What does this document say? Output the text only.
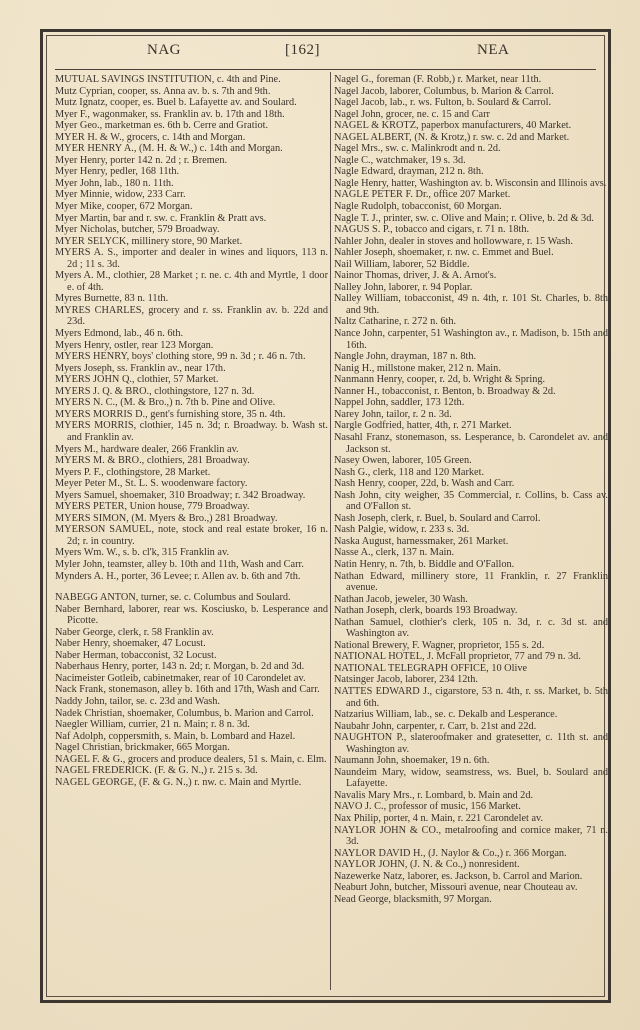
NAG	[162]	NEA

MUTUAL SAVINGS INSTITUTION, c. 4th and Pine.

Mutz Cyprian, cooper, ss. Anna av. b. s. 7th and 9th.

Mutz Ignatz, cooper, es. Buel b. Lafayette av. and Soulard.

Myer F., wagonmaker, ss. Franklin av. b. 17th and 18th.

Myer Geo., marketman es. 6th b. Cerre and Gratiot.

MYER H. & W., grocers, c. 14th and Morgan.

MYER HENRY A., (M. H. & W.,) c. 14th and Morgan.

Myer Henry, porter 142 n. 2d ; r. Bremen.

Myer Henry, pedler, 168 11th.

Myer John, lab., 180 n. 11th.

Myer Minnie, widow, 233 Carr.

Myer Mike, cooper, 672 Morgan.

Myer Martin, bar and r. sw. c. Franklin & Pratt avs.

Myer Nicholas, butcher, 579 Broadway.

MYER SELYCK, millinery store, 90 Market.

MYERS A. S., importer and dealer in wines and liquors, 113 n. 2d ; 11 s. 3d.

Myers A. M., clothier, 28 Market ; r. ne. c. 4th and Myrtle, 1 door e. of 4th.

Myres Burnette, 83 n. 11th.

MYRES CHARLES, grocery and r. ss. Franklin av. b. 22d and 23d.

Myers Edmond, lab., 46 n. 6th.

Myers Henry, ostler, rear 123 Morgan.

MYERS HENRY, boys' clothing store, 99 n. 3d ; r. 46 n. 7th.

Myers Joseph, ss. Franklin av., near 17th.

MYERS JOHN Q., clothier, 57 Market.

MYERS J. Q. & BRO., clothingstore, 127 n. 3d.

MYERS N. C., (M. & Bro.,) n. 7th b. Pine and Olive.

MYERS MORRIS D., gent's furnishing store, 35 n. 4th.

MYERS MORRIS, clothier, 145 n. 3d; r. Broadway. b. Wash st. and Franklin av.

Myers M., hardware dealer, 266 Franklin av.

MYERS M. & BRO., clothiers, 281 Broadway.

Myers P. F., clothingstore, 28 Market.

Meyer Peter M., St. L. S. woodenware factory.

Myers Samuel, shoemaker, 310 Broadway; r. 342 Broadway.

MYERS PETER, Union house, 779 Broadway.

MYERS SIMON, (M. Myers & Bro.,) 281 Broadway.

MYERSON SAMUEL, note, stock and real estate broker, 16 n. 2d; r. in country.

Myers Wm. W., s. b. cl'k, 315 Franklin av.

Myler John, teamster, alley b. 10th and 11th, Wash and Carr.

Mynders A. H., porter, 36 Levee; r. Allen av. b. 6th and 7th.

NABEGG ANTON, turner, se. c. Columbus and Soulard.

Naber Bernhard, laborer, rear ws. Kosciusko, b. Lesperance and Picotte.

Naber George, clerk, r. 58 Franklin av.

Naber Henry, shoemaker, 47 Locust.

Naber Herman, tobacconist, 32 Locust.

Naberhaus Henry, porter, 143 n. 2d; r. Morgan, b. 2d and 3d.

Nacimeister Gotleib, cabinetmaker, rear of 10 Carondelet av.

Nack Frank, stonemason, alley b. 16th and 17th, Wash and Carr.

Naddy John, tailor, se. c. 23d and Wash.

Nadek Christian, shoemaker, Columbus, b. Marion and Carrol.

Naegler William, currier, 21 n. Main; r. 8 n. 3d.

Naf Adolph, coppersmith, s. Main, b. Lombard and Hazel.

Nagel Christian, brickmaker, 665 Morgan.

NAGEL F. & G., grocers and produce dealers, 51 s. Main, c. Elm.

NAGEL FREDERICK. (F. & G. N.,) r. 215 s. 3d.

NAGEL GEORGE, (F. & G. N.,) r. nw. c. Main and Myrtle.

Nagel G., foreman (F. Robb,) r. Market, near 11th.

Nagel Jacob, laborer, Columbus, b. Marion & Carrol.

Nagel Jacob, lab., r. ws. Fulton, b. Soulard & Carrol.

Nagel John, grocer, ne. c. 15 and Carr

NAGEL & KROTZ, paperbox manufacturers, 40 Market.

NAGEL ALBERT, (N. & Krotz,) r. sw. c. 2d and Market.

Nagel Mrs., sw. c. Malinkrodt and n. 2d.

Nagle C., watchmaker, 19 s. 3d.

Nagle Edward, drayman, 212 n. 8th.

Nagle Henry, hatter, Washington av. b. Wisconsin and Illinois avs.

NAGLE PETER F. Dr., office 207 Market.

Nagle Rudolph, tobacconist, 60 Morgan.

Nagle T. J., printer, sw. c. Olive and Main; r. Olive, b. 2d & 3d.

NAGUS S. P., tobacco and cigars, r. 71 n. 18th.

Nahler John, dealer in stoves and hollowware, r. 15 Wash.

Nahler Joseph, shoemaker, r. nw. c. Emmet and Buel.

Nail William, laborer, 52 Biddle.

Nainor Thomas, driver, J. & A. Arnot's.

Nalley John, laborer, r. 94 Poplar.

Nalley William, tobacconist, 49 n. 4th, r. 101 St. Charles, b. 8th and 9th.

Naltz Catharine, r. 272 n. 6th.

Nance John, carpenter, 51 Washington av., r. Madison, b. 15th and 16th.

Nangle John, drayman, 187 n. 8th.

Nanig H., millstone maker, 212 n. Main.

Nanmann Henry, cooper, r. 2d, b. Wright & Spring.

Nanner H., tobacconist, r. Benton, b. Broadway & 2d.

Nappel John, saddler, 173 12th.

Narey John, tailor, r. 2 n. 3d.

Nargle Godfried, hatter, 4th, r. 271 Market.

Nasahl Franz, stonemason, ss. Lesperance, b. Carondelet av. and Jackson st.

Nasey Owen, laborer, 105 Green.

Nash G., clerk, 118 and 120 Market.

Nash Henry, cooper, 22d, b. Wash and Carr.

Nash John, city weigher, 35 Commercial, r. Collins, b. Cass av. and O'Fallon st.

Nash Joseph, clerk, r. Buel, b. Soulard and Carrol.

Nash Palgie, widow, r. 233 s. 3d.

Naska August, harnessmaker, 261 Market.

Nasse A., clerk, 137 n. Main.

Natin Henry, n. 7th, b. Biddle and O'Fallon.

Nathan Edward, millinery store, 11 Franklin, r. 27 Franklin avenue.

Nathan Jacob, jeweler, 30 Wash.

Nathan Joseph, clerk, boards 193 Broadway.

Nathan Samuel, clothier's clerk, 105 n. 3d, r. c. 3d st. and Washington av.

National Brewery, F. Wagner, proprietor, 155 s. 2d.

NATIONAL HOTEL, J. McFall proprietor, 77 and 79 n. 3d.

NATIONAL TELEGRAPH OFFICE, 10 Olive

Natsinger Jacob, laborer, 234 12th.

NATTES EDWARD J., cigarstore, 53 n. 4th, r. ss. Market, b. 5th and 6th.

Natzarius William, lab., se. c. Dekalb and Lesperance.

Naubahr John, carpenter, r. Carr, b. 21st and 22d.

NAUGHTON P., slateroofmaker and gratesetter, c. 11th st. and Washington av.

Naumann John, shoemaker, 19 n. 6th.

Naundeim Mary, widow, seamstress, ws. Buel, b. Soulard and Lafayette.

Navalis Mary Mrs., r. Lombard, b. Main and 2d.

NAVO J. C., professor of music, 156 Market.

Nax Philip, porter, 4 n. Main, r. 221 Carondelet av.

NAYLOR JOHN & CO., metalroofing and cornice maker, 71 n. 3d.

NAYLOR DAVID H., (J. Naylor & Co.,) r. 366 Morgan.

NAYLOR JOHN, (J. N. & Co.,) nonresident.

Nazewerke Natz, laborer, es. Jackson, b. Carrol and Marion.

Neaburt John, butcher, Missouri avenue, near Chouteau av.

Nead George, blacksmith, 97 Morgan.
